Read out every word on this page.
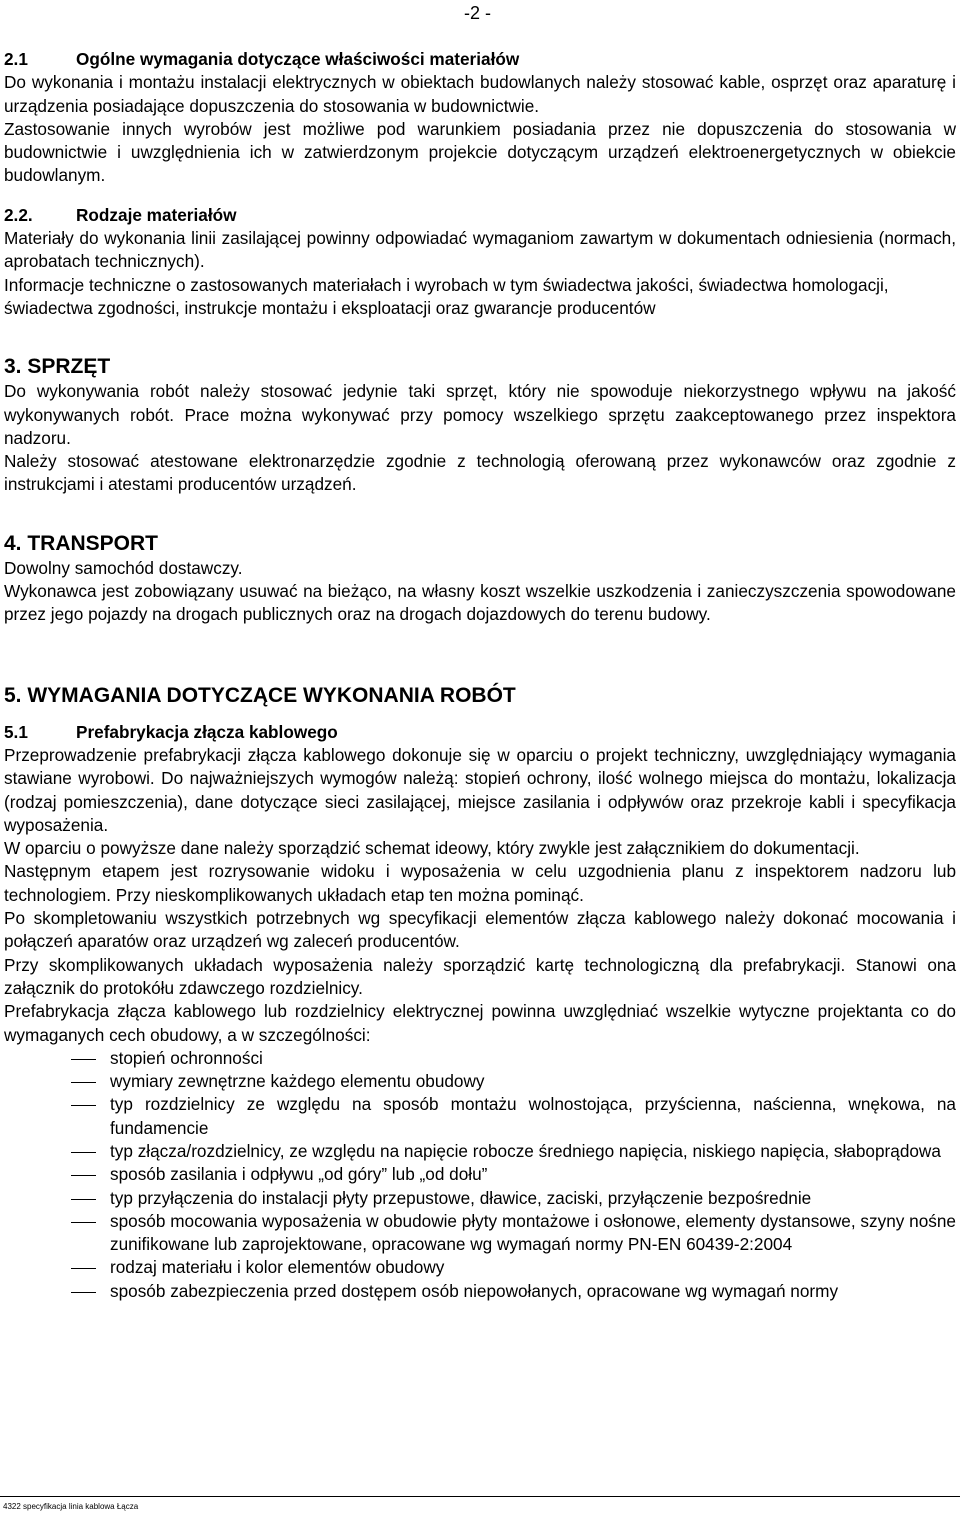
-2 -
2.1	Ogólne wymagania dotyczące właściwości materiałów

Do wykonania i montażu instalacji elektrycznych w obiektach budowlanych należy stosować kable, osprzęt oraz aparaturę i urządzenia posiadające dopuszczenia do stosowania w budownictwie.

Zastosowanie innych wyrobów jest możliwe pod warunkiem posiadania przez nie dopuszczenia do stosowania w budownictwie i uwzględnienia ich w zatwierdzonym projekcie dotyczącym urządzeń elektroenergetycznych w obiekcie budowlanym.

2.2.	Rodzaje materiałów

Materiały do wykonania linii zasilającej powinny odpowiadać wymaganiom zawartym w dokumentach odniesienia (normach, aprobatach technicznych).

Informacje techniczne o zastosowanych materiałach i wyrobach w tym świadectwa jakości, świadectwa homologacji, świadectwa zgodności, instrukcje montażu i eksploatacji oraz gwarancje producentów

3. SPRZĘT

Do wykonywania robót należy stosować jedynie taki sprzęt, który nie spowoduje niekorzystnego wpływu na jakość wykonywanych robót. Prace można wykonywać przy pomocy wszelkiego sprzętu zaakceptowanego przez inspektora nadzoru.

Należy stosować atestowane elektronarzędzie zgodnie z technologią oferowaną przez wykonawców oraz zgodnie z instrukcjami i atestami producentów urządzeń.

4. TRANSPORT

Dowolny samochód dostawczy.

Wykonawca jest zobowiązany usuwać na bieżąco, na własny koszt wszelkie uszkodzenia i zanieczyszczenia spowodowane przez jego pojazdy na drogach publicznych oraz na drogach dojazdowych do terenu budowy.

5. WYMAGANIA DOTYCZĄCE WYKONANIA ROBÓT
5.1	Prefabrykacja złącza kablowego

Przeprowadzenie prefabrykacji złącza kablowego dokonuje się w oparciu o projekt techniczny, uwzględniający wymagania stawiane wyrobowi. Do najważniejszych wymogów należą: stopień ochrony, ilość wolnego miejsca do montażu, lokalizacja (rodzaj pomieszczenia), dane dotyczące sieci zasilającej, miejsce zasilania i odpływów oraz przekroje kabli i specyfikacja wyposażenia.

W oparciu o powyższe dane należy sporządzić schemat ideowy, który zwykle jest załącznikiem do dokumentacji.

Następnym etapem jest rozrysowanie widoku i wyposażenia w celu uzgodnienia planu z inspektorem nadzoru lub technologiem. Przy nieskomplikowanych układach etap ten można pominąć.

Po skompletowaniu wszystkich potrzebnych wg specyfikacji elementów złącza kablowego należy dokonać mocowania i połączeń aparatów oraz urządzeń wg zaleceń producentów.

Przy skomplikowanych układach wyposażenia należy sporządzić kartę technologiczną dla prefabrykacji. Stanowi ona załącznik do protokółu zdawczego rozdzielnicy.

Prefabrykacja złącza kablowego lub rozdzielnicy elektrycznej powinna uwzględniać wszelkie wytyczne projektanta co do wymaganych cech obudowy, a w szczególności:

stopień ochronności
wymiary zewnętrzne każdego elementu obudowy
typ rozdzielnicy ze względu na sposób montażu wolnostojąca, przyścienna, naścienna, wnękowa, na fundamencie
typ złącza/rozdzielnicy, ze względu na napięcie robocze średniego napięcia, niskiego napięcia, słaboprądowa
sposób zasilania i odpływu „od góry” lub „od dołu”
typ przyłączenia do instalacji płyty przepustowe, dławice, zaciski, przyłączenie bezpośrednie
sposób mocowania wyposażenia w obudowie płyty montażowe i osłonowe, elementy dystansowe, szyny nośne zunifikowane lub zaprojektowane, opracowane wg wymagań normy PN-EN 60439-2:2004
rodzaj materiału i kolor elementów obudowy
sposób zabezpieczenia przed dostępem osób niepowołanych, opracowane wg wymagań normy
4322 specyfikacja linia kablowa Łącza
